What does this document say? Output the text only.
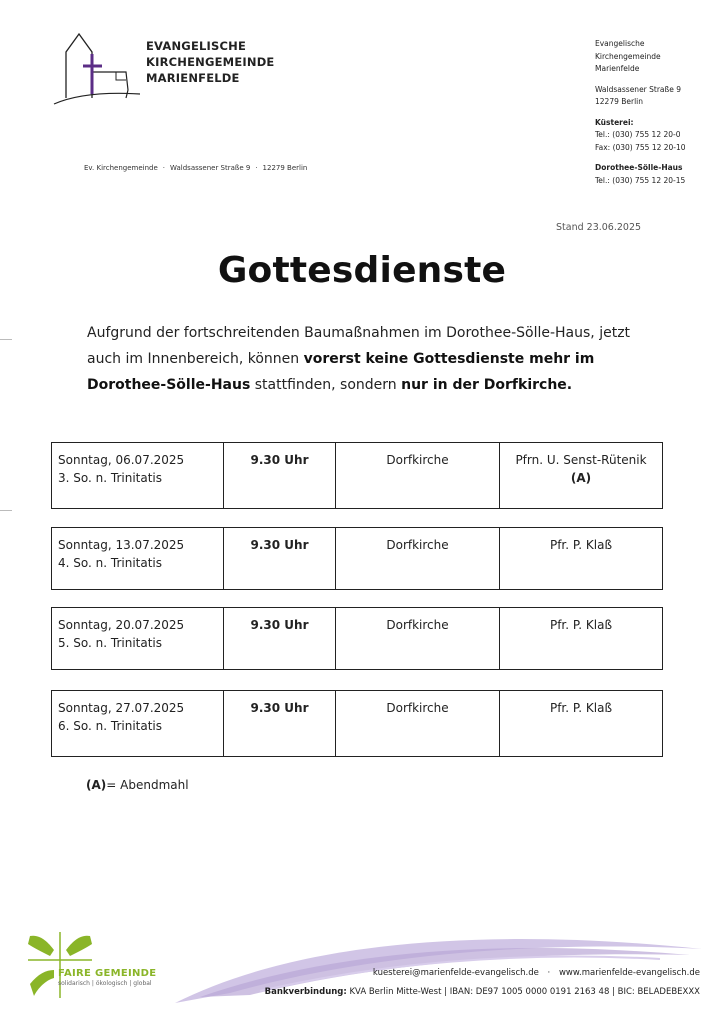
EVANGELISCHE
KIRCHENGEMEINDE
MARIENFELDE
Ev. Kirchengemeinde · Waldsassener Straße 9 · 12279 Berlin
Evangelische
Kirchengemeinde
Marienfelde
Waldsassener Straße 9
12279 Berlin
Küsterei:
Tel.: (030) 755 12 20-0
Fax: (030) 755 12 20-10
Dorothee-Sölle-Haus
Tel.: (030) 755 12 20-15
Stand 23.06.2025
Gottesdienste
Aufgrund der fortschreitenden Baumaßnahmen im Dorothee-Sölle-Haus, jetzt auch im Innenbereich, können vorerst keine Gottesdienste mehr im Dorothee-Sölle-Haus stattfinden, sondern nur in der Dorfkirche.
Sonntag, 06.07.2025
3. So. n. Trinitatis
9.30 Uhr	Dorfkirche	Pfrn. U. Senst-Rütenik
(A)
Sonntag, 13.07.2025
4. So. n. Trinitatis
9.30 Uhr	Dorfkirche	Pfr. P. Klaß
Sonntag, 20.07.2025
5. So. n. Trinitatis
9.30 Uhr	Dorfkirche	Pfr. P. Klaß
Sonntag, 27.07.2025
6. So. n. Trinitatis
9.30 Uhr	Dorfkirche	Pfr. P. Klaß
(A)= Abendmahl
FAIRE GEMEINDE
solidarisch | ökologisch | global
kuesterei@marienfelde-evangelisch.de · www.marienfelde-evangelisch.de
Bankverbindung: KVA Berlin Mitte-West | IBAN: DE97 1005 0000 0191 2163 48 | BIC: BELADEBEXXX
